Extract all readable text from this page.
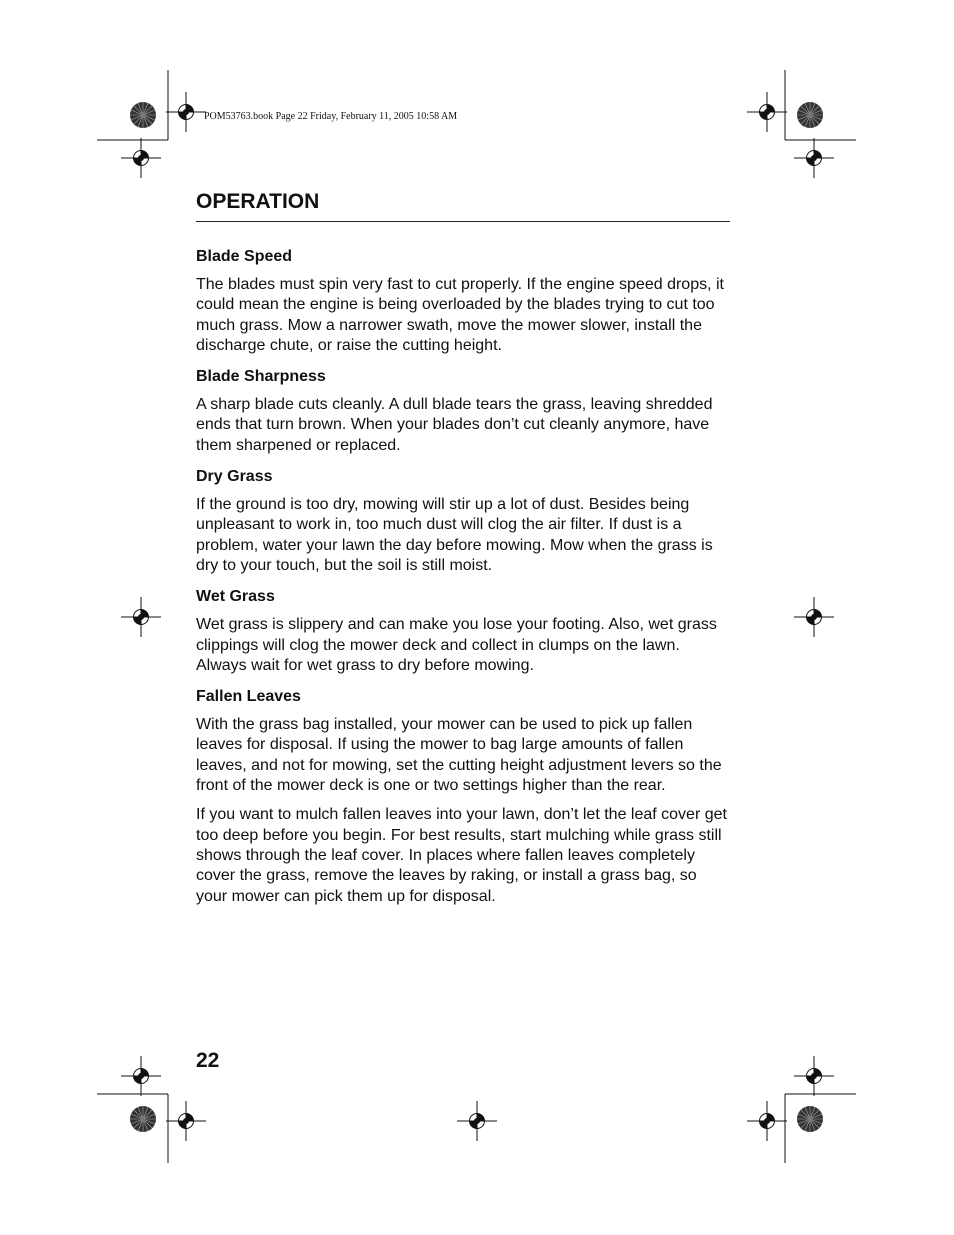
POM53763.book Page 22 Friday, February 11, 2005 10:58 AM
OPERATION
Blade Speed

The blades must spin very fast to cut properly. If the engine speed drops, it could mean the engine is being overloaded by the blades trying to cut too much grass. Mow a narrower swath, move the mower slower, install the discharge chute, or raise the cutting height.

Blade Sharpness

A sharp blade cuts cleanly. A dull blade tears the grass, leaving shredded ends that turn brown. When your blades don’t cut cleanly anymore, have them sharpened or replaced.

Dry Grass

If the ground is too dry, mowing will stir up a lot of dust. Besides being unpleasant to work in, too much dust will clog the air filter. If dust is a problem, water your lawn the day before mowing. Mow when the grass is dry to your touch, but the soil is still moist.

Wet Grass

Wet grass is slippery and can make you lose your footing. Also, wet grass clippings will clog the mower deck and collect in clumps on the lawn. Always wait for wet grass to dry before mowing.

Fallen Leaves

With the grass bag installed, your mower can be used to pick up fallen leaves for disposal. If using the mower to bag large amounts of fallen leaves, and not for mowing, set the cutting height adjustment levers so the front of the mower deck is one or two settings higher than the rear.

If you want to mulch fallen leaves into your lawn, don’t let the leaf cover get too deep before you begin. For best results, start mulching while grass still shows through the leaf cover. In places where fallen leaves completely cover the grass, remove the leaves by raking, or install a grass bag, so your mower can pick them up for disposal.

22
